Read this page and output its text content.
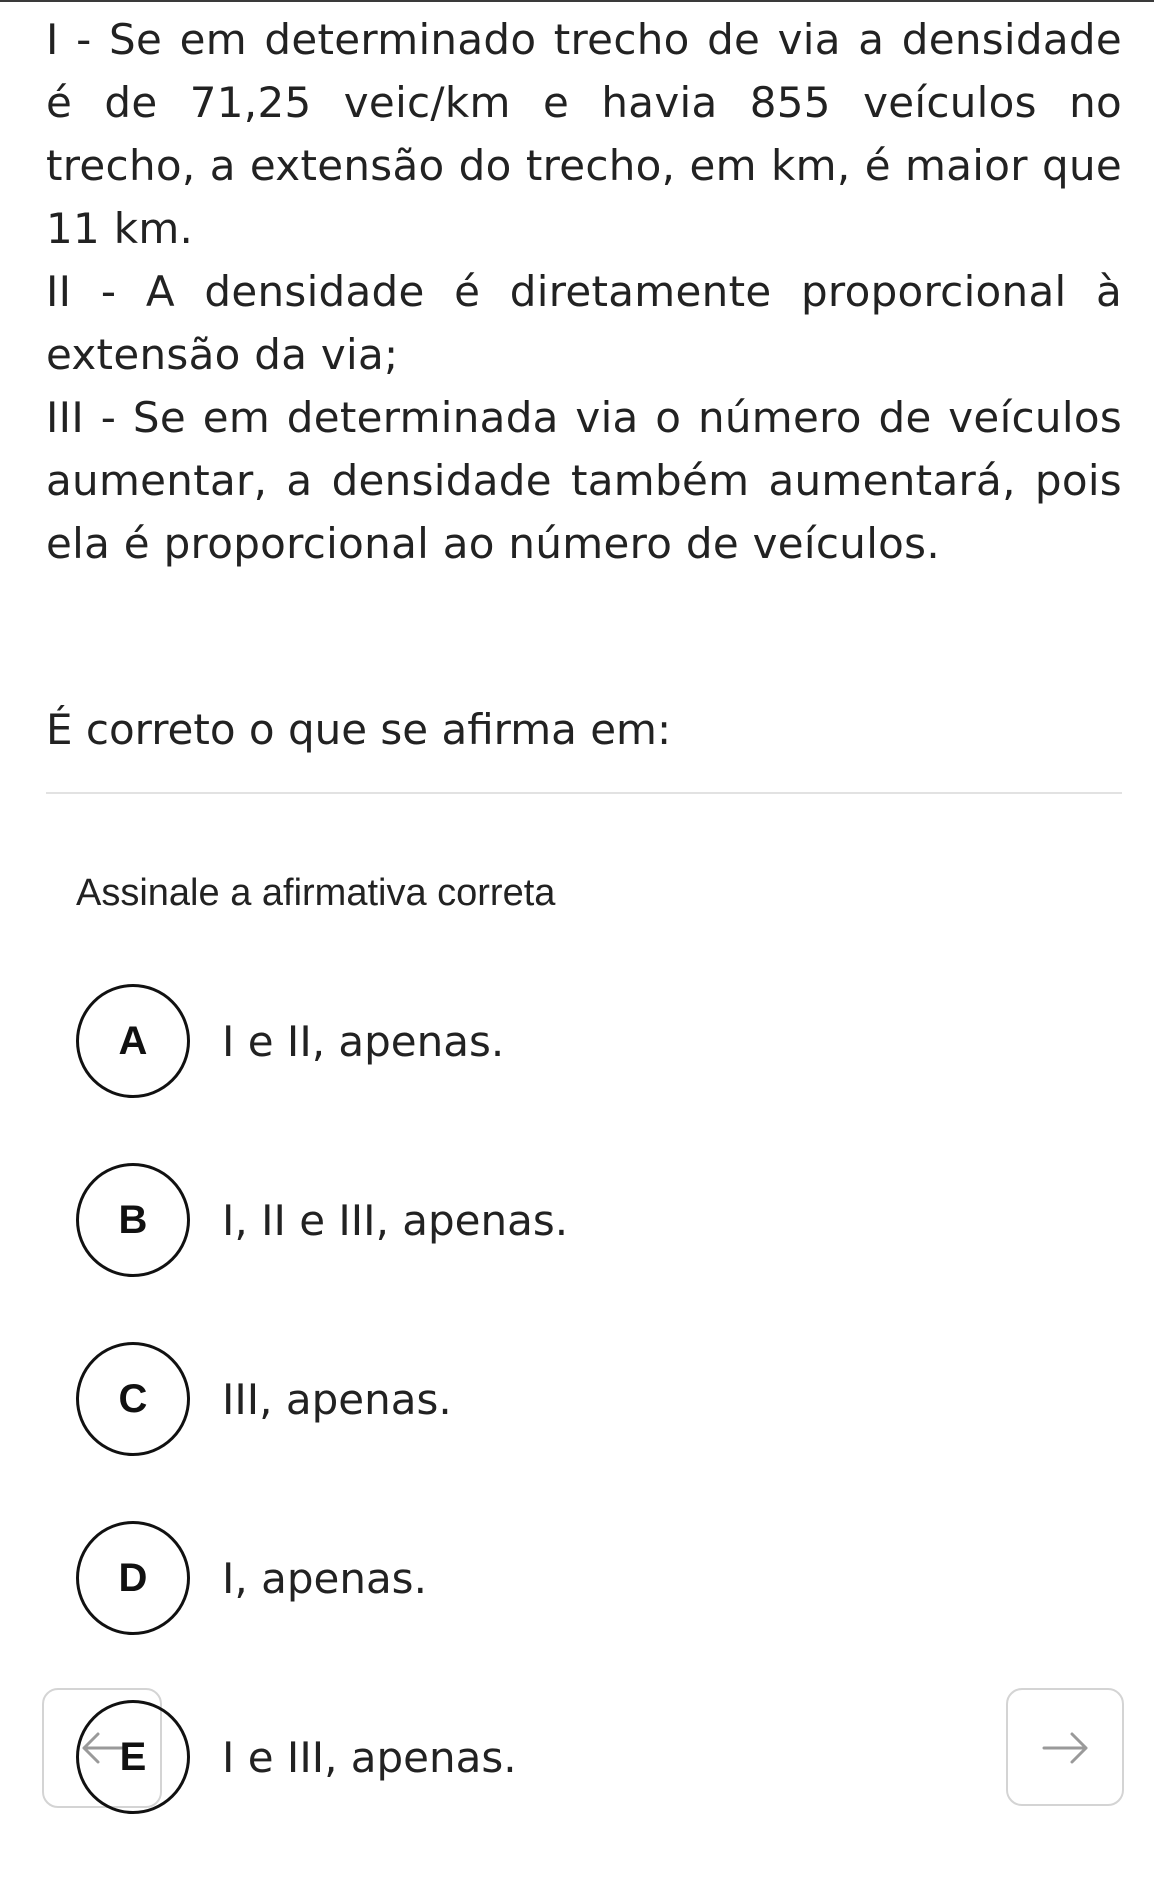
I - Se em determinado trecho de via a densidade é de 71,25 veic/km e havia 855 veículos no trecho, a extensão do trecho, em km, é maior que 11 km.

II - A densidade é diretamente proporcional à extensão da via;

III - Se em determinada via o número de veículos aumentar, a densidade também aumentará, pois ela é proporcional ao número de veículos.

É correto o que se afirma em:

Assinale a afirmativa correta

A	I e II, apenas.
B	I, II e III, apenas.
C	III, apenas.
D	I, apenas.
E	I e III, apenas.
